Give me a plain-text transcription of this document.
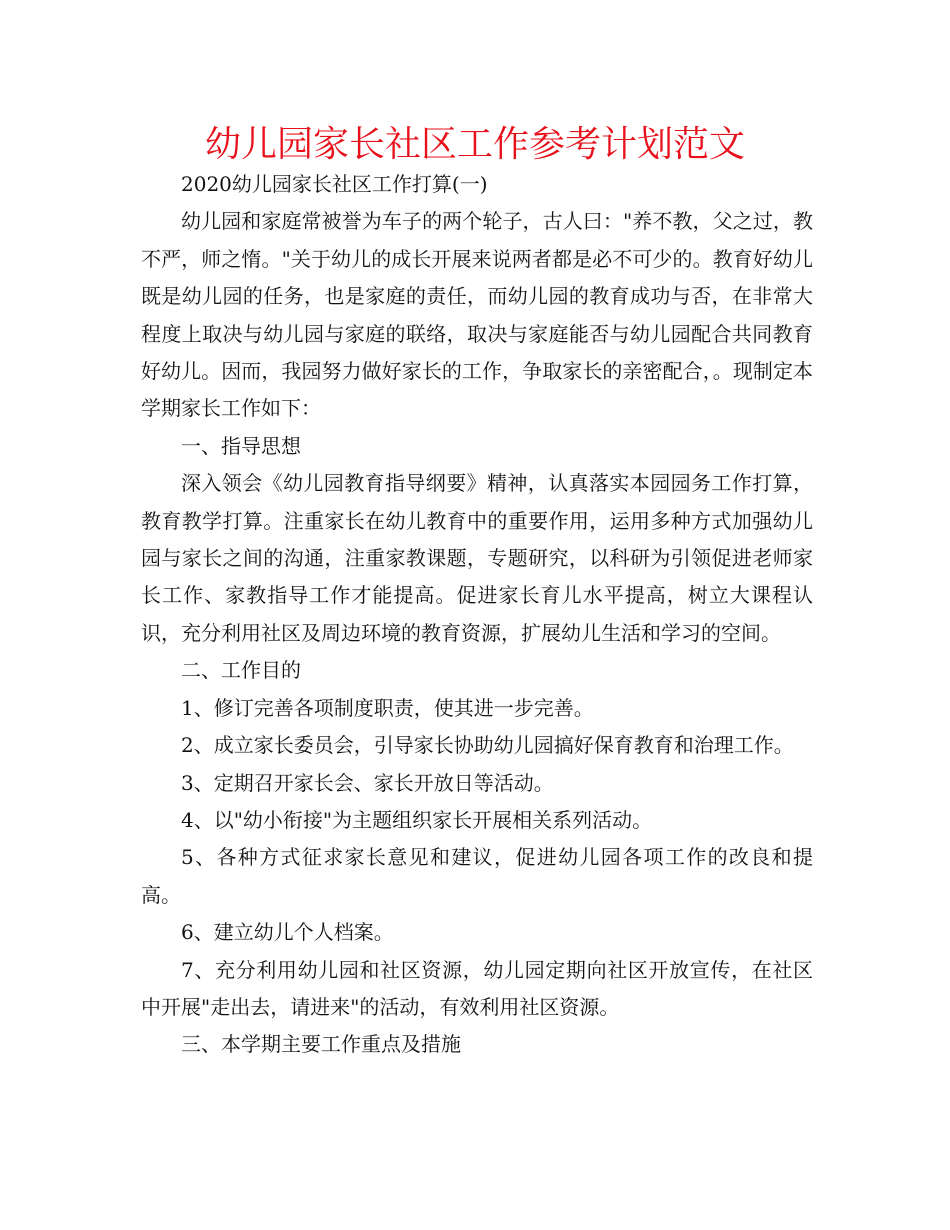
幼儿园家长社区工作参考计划范文

2020幼儿园家长社区工作打算(一)

幼儿园和家庭常被誉为车子的两个轮子，古人曰："养不教，父之过，教不严，师之惰。"关于幼儿的成长开展来说两者都是必不可少的。教育好幼儿既是幼儿园的任务，也是家庭的责任，而幼儿园的教育成功与否，在非常大程度上取决与幼儿园与家庭的联络，取决与家庭能否与幼儿园配合共同教育好幼儿。因而，我园努力做好家长的工作，争取家长的亲密配合，。现制定本学期家长工作如下：

一、指导思想

深入领会《幼儿园教育指导纲要》精神，认真落实本园园务工作打算，教育教学打算。注重家长在幼儿教育中的重要作用，运用多种方式加强幼儿园与家长之间的沟通，注重家教课题，专题研究，以科研为引领促进老师家长工作、家教指导工作才能提高。促进家长育儿水平提高，树立大课程认识，充分利用社区及周边环境的教育资源，扩展幼儿生活和学习的空间。

二、工作目的

1、修订完善各项制度职责，使其进一步完善。

2、成立家长委员会，引导家长协助幼儿园搞好保育教育和治理工作。

3、定期召开家长会、家长开放日等活动。

4、以"幼小衔接"为主题组织家长开展相关系列活动。

5、各种方式征求家长意见和建议，促进幼儿园各项工作的改良和提高。

6、建立幼儿个人档案。

7、充分利用幼儿园和社区资源，幼儿园定期向社区开放宣传，在社区中开展"走出去，请进来"的活动，有效利用社区资源。

三、本学期主要工作重点及措施
